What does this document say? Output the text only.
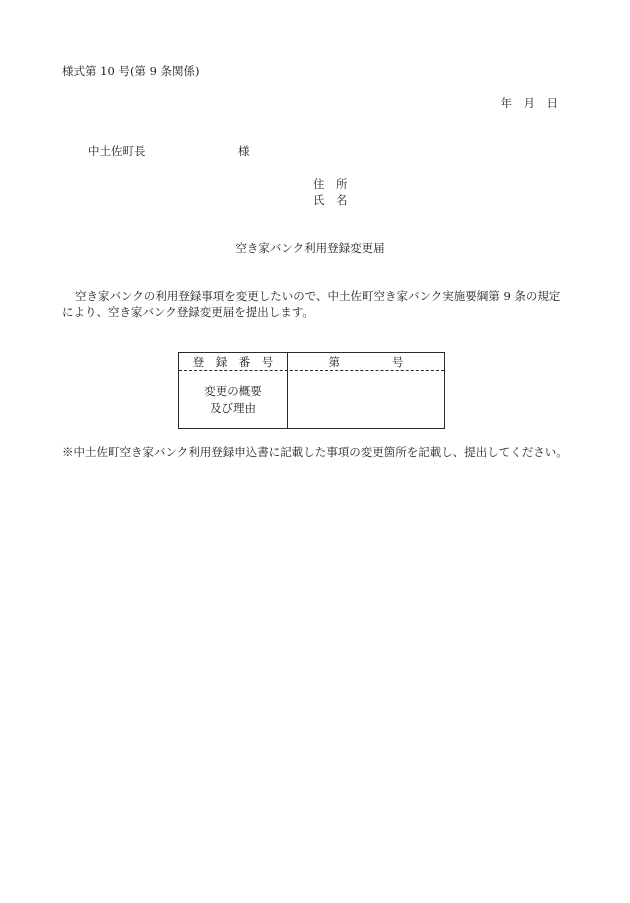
様式第 10 号(第 9 条関係)
年　月　日
中土佐町長	様
住　所
氏　名
空き家バンク利用登録変更届
空き家バンクの利用登録事項を変更したいので、中土佐町空き家バンク実施要綱第 9 条の規定
により、空き家バンク登録変更届を提出します。
登　録　番　号	第	号
変更の概要
及び理由
※中土佐町空き家バンク利用登録申込書に記載した事項の変更箇所を記載し、提出してください。
